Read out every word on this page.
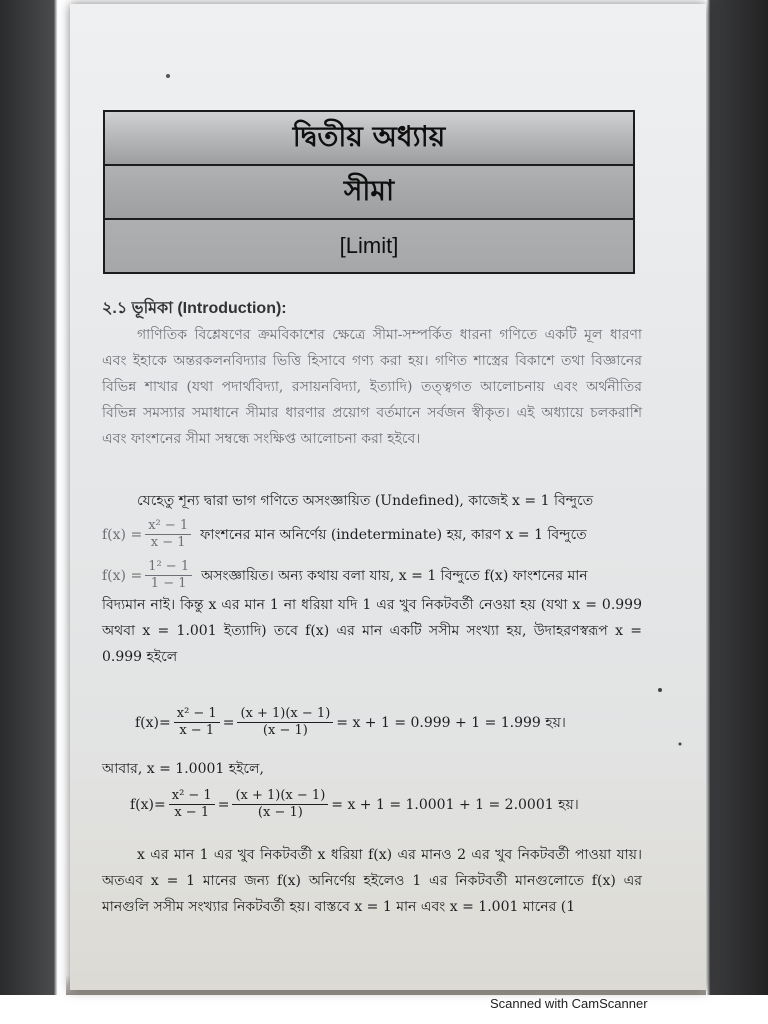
দ্বিতীয় অধ্যায়
সীমা
[Limit]
২.১ ভূমিকা (Introduction):
গাণিতিক বিশ্লেষণের ক্রমবিকাশের ক্ষেত্রে সীমা-সম্পর্কিত ধারনা গণিতে একটি মূল ধারণা এবং ইহাকে অন্তরকলনবিদ্যার ভিত্তি হিসাবে গণ্য করা হয়। গণিত শাস্ত্রের বিকাশে তথা বিজ্ঞানের বিভিন্ন শাখার (যথা পদার্থবিদ্যা, রসায়নবিদ্যা, ইত্যাদি) তত্ত্বগত আলোচনায় এবং অর্থনীতির বিভিন্ন সমস্যার সমাধানে সীমার ধারণার প্রয়োগ বর্তমানে সর্বজন স্বীকৃত। এই অধ্যায়ে চলকরাশি এবং ফাংশনের সীমা সম্বন্ধে সংক্ষিপ্ত আলোচনা করা হইবে।
যেহেতু শূন্য দ্বারা ভাগ গণিতে অসংজ্ঞায়িত (Undefined), কাজেই x = 1 বিন্দুতে
$f(x) = \frac{\text{x² − 1}}{x - 1}$ ফাংশনের মান অনির্ণেয় (indeterminate) হয়, কারণ x = 1 বিন্দুতে
$f(x) = \frac{\text{1² − 1}}{1 - 1}$ অসংজ্ঞায়িত। অন্য কথায় বলা যায়, x = 1 বিন্দুতে f(x) ফাংশনের মান
বিদ্যমান নাই। কিন্তু x এর মান 1 না ধরিয়া যদি 1 এর খুব নিকটবর্তী নেওয়া হয় (যথা x = 0.999 অথবা x = 1.001 ইত্যাদি) তবে f(x) এর মান একটি সসীম সংখ্যা হয়, উদাহরণস্বরূপ x = 0.999 হইলে
$f(x)= \frac{\text{x² − 1}}{x - 1} = \frac{(x + 1)(x - 1)}{(x - 1)} = x + 1 = 0.999 + 1 = 1.999$ হয়।
আবার, x = 1.0001 হইলে,
$f(x)= \frac{\text{x² − 1}}{x - 1} = \frac{(x + 1)(x - 1)}{(x - 1)} = x + 1 = 1.0001 + 1 = 2.0001$ হয়।
x এর মান 1 এর খুব নিকটবর্তী x ধরিয়া f(x) এর মানও 2 এর খুব নিকটবর্তী পাওয়া যায়। অতএব x = 1 মানের জন্য f(x) অনির্ণেয় হইলেও 1 এর নিকটবর্তী মানগুলোতে f(x) এর মানগুলি সসীম সংখ্যার নিকটবর্তী হয়। বাস্তবে x = 1 মান এবং x = 1.001 মানের (1
Scanned with CamScanner
